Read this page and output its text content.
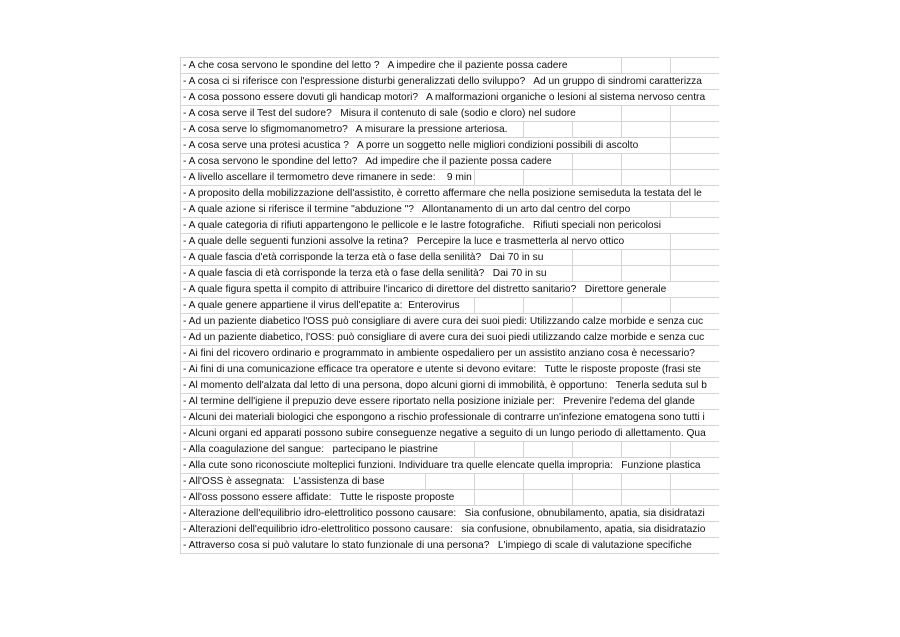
- A che cosa servono le spondine del letto ?   A impedire che il paziente possa cadere						

- A cosa ci si riferisce con l'espressione disturbi generalizzati dello sviluppo?   Ad un gruppo di sindromi caratterizza						

- A cosa possono essere dovuti gli handicap motori?   A malformazioni organiche o lesioni al sistema nervoso centra						

- A cosa serve il Test del sudore?   Misura il contenuto di sale (sodio e cloro) nel sudore						

- A cosa serve lo sfigmomanometro?   A misurare la pressione arteriosa.						

- A cosa serve una protesi acustica ?   A porre un soggetto nelle migliori condizioni possibili di ascolto						

- A cosa servono le spondine del letto?   Ad impedire che il paziente possa cadere						

- A livello ascellare il termometro deve rimanere in sede:    9 min						

- A proposito della mobilizzazione dell'assistito, è corretto affermare che nella posizione semiseduta la testata del le						

- A quale azione si riferisce il termine "abduzione "?   Allontanamento di un arto dal centro del corpo						

- A quale categoria di rifiuti appartengono le pellicole e le lastre fotografiche.   Rifiuti speciali non pericolosi						

- A quale delle seguenti funzioni assolve la retina?   Percepire la luce e trasmetterla al nervo ottico						

- A quale fascia d'età corrisponde la terza età o fase della senilità?   Dai 70 in su						

- A quale fascia di età corrisponde la terza età o fase della senilità?   Dai 70 in su						

- A quale figura spetta il compito di attribuire l'incarico di direttore del distretto sanitario?   Direttore generale						

- A quale genere appartiene il virus dell'epatite a:  Enterovirus						

- Ad un paziente diabetico l'OSS può consigliare di avere cura dei suoi piedi: Utilizzando calze morbide e senza cuc						

- Ad un paziente diabetico, l'OSS: può consigliare di avere cura dei suoi piedi utilizzando calze morbide e senza cuc						

- Ai fini del ricovero ordinario e programmato in ambiente ospedaliero per un assistito anziano cosa è necessario?						

- Ai fini di una comunicazione efficace tra operatore e utente si devono evitare:   Tutte le risposte proposte (frasi ste						

- Al momento dell'alzata dal letto di una persona, dopo alcuni giorni di immobilità, è opportuno:   Tenerla seduta sul b						

- Al termine dell'igiene il prepuzio deve essere riportato nella posizione iniziale per:   Prevenire l'edema del glande						

- Alcuni dei materiali biologici che espongono a rischio professionale di contrarre un'infezione ematogena sono tutti i						

- Alcuni organi ed apparati possono subire conseguenze negative a seguito di un lungo periodo di allettamento. Qua						

- Alla coagulazione del sangue:   partecipano le piastrine						

- Alla cute sono riconosciute molteplici funzioni. Individuare tra quelle elencate quella impropria:   Funzione plastica						

- All'OSS è assegnata:   L'assistenza di base						

- All'oss possono essere affidate:   Tutte le risposte proposte						

- Alterazione dell'equilibrio idro-elettrolitico possono causare:   Sia confusione, obnubilamento, apatia, sia disidratazi						

- Alterazioni dell'equilibrio idro-elettrolitico possono causare:   sia confusione, obnubilamento, apatia, sia disidratazio						

- Attraverso cosa si può valutare lo stato funzionale di una persona?   L'impiego di scale di valutazione specifiche						
